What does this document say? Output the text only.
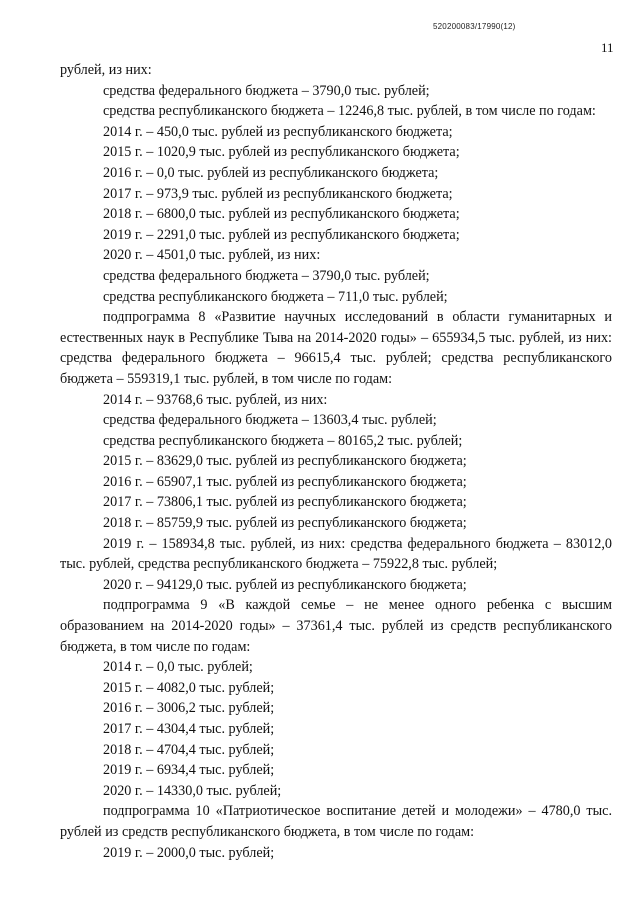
520200083/17990(12)
11

рублей, из них:

средства федерального бюджета – 3790,0 тыс. рублей;

средства республиканского бюджета – 12246,8 тыс. рублей, в том числе по годам:

2014 г. – 450,0 тыс. рублей из республиканского бюджета;

2015 г. – 1020,9 тыс. рублей из республиканского бюджета;

2016 г. – 0,0 тыс. рублей из республиканского бюджета;

2017 г. – 973,9 тыс. рублей из республиканского бюджета;

2018 г. – 6800,0 тыс. рублей из республиканского бюджета;

2019 г. – 2291,0 тыс. рублей из республиканского бюджета;

2020 г. – 4501,0 тыс. рублей, из них:

средства федерального бюджета – 3790,0 тыс. рублей;

средства республиканского бюджета – 711,0 тыс. рублей;

подпрограмма 8 «Развитие научных исследований в области гуманитарных и естественных наук в Республике Тыва на 2014-2020 годы» – 655934,5 тыс. рублей, из них: средства федерального бюджета – 96615,4 тыс. рублей; средства республиканского бюджета – 559319,1 тыс. рублей, в том числе по годам:

2014 г. – 93768,6 тыс. рублей, из них:

средства федерального бюджета – 13603,4 тыс. рублей;

средства республиканского бюджета – 80165,2 тыс. рублей;

2015 г. – 83629,0 тыс. рублей из республиканского бюджета;

2016 г. – 65907,1 тыс. рублей из республиканского бюджета;

2017 г. – 73806,1 тыс. рублей из республиканского бюджета;

2018 г. – 85759,9 тыс. рублей из республиканского бюджета;

2019 г. – 158934,8 тыс. рублей, из них: средства федерального бюджета – 83012,0 тыс. рублей, средства республиканского бюджета – 75922,8 тыс. рублей;

2020 г. – 94129,0 тыс. рублей из республиканского бюджета;

подпрограмма 9 «В каждой семье – не менее одного ребенка с высшим образованием на 2014-2020 годы» – 37361,4 тыс. рублей из средств республиканского бюджета, в том числе по годам:

2014 г. – 0,0 тыс. рублей;

2015 г. – 4082,0 тыс. рублей;

2016 г. – 3006,2 тыс. рублей;

2017 г. – 4304,4 тыс. рублей;

2018 г. – 4704,4 тыс. рублей;

2019 г. – 6934,4 тыс. рублей;

2020 г. – 14330,0 тыс. рублей;

подпрограмма 10 «Патриотическое воспитание детей и молодежи» – 4780,0 тыс. рублей из средств республиканского бюджета, в том числе по годам:

2019 г. – 2000,0 тыс. рублей;
